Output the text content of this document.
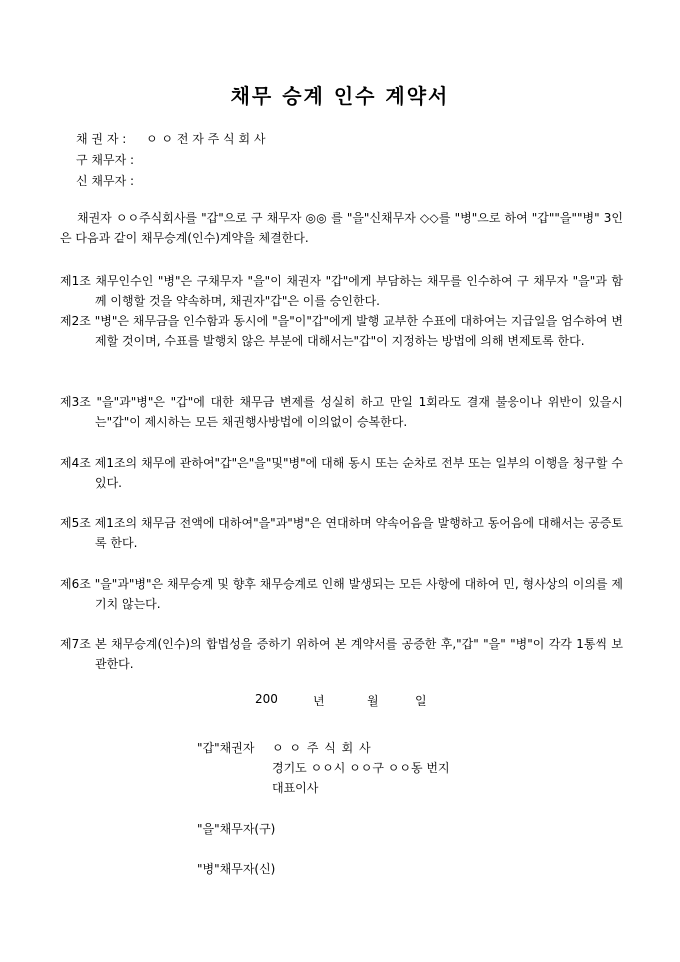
채무 승계 인수 계약서
채 권 자 : ㅇ ㅇ 전 자 주 식 회 사
구 채무자 :
신 채무자 :
채권자 ㅇㅇ주식회사를 "갑"으로 구 채무자 ◎◎ 를 "을"신채무자 ◇◇를 "병"으로 하여 "갑""을""병" 3인은 다음과 같이 채무승계(인수)계약을 체결한다.
제1조 채무인수인 "병"은 구채무자 "을"이 채권자 "갑"에게 부담하는 채무를 인수하여 구 채무자 "을"과 함께 이행할 것을 약속하며, 채권자"갑"은 이를 승인한다.
제2조 "병"은 채무금을 인수함과 동시에 "을"이"갑"에게 발행 교부한 수표에 대하여는 지급일을 엄수하여 변제할 것이며, 수표를 발행치 않은 부분에 대해서는"갑"이 지정하는 방법에 의해 변제토록 한다.
제3조 "을"과"병"은 "갑"에 대한 채무금 변제를 성실히 하고 만일 1회라도 결재 불응이나 위반이 있을시는"갑"이 제시하는 모든 채권행사방법에 이의없이 승복한다.
제4조 제1조의 채무에 관하여"갑"은"을"및"병"에 대해 동시 또는 순차로 전부 또는 일부의 이행을 청구할 수 있다.
제5조 제1조의 채무금 전액에 대하여"을"과"병"은 연대하며 약속어음을 발행하고 동어음에 대해서는 공증토록 한다.
제6조 "을"과"병"은 채무승계 및 향후 채무승계로 인해 발생되는 모든 사항에 대하여 민, 형사상의 이의를 제기치 않는다.
제7조 본 채무승계(인수)의 합법성을 증하기 위하여 본 계약서를 공증한 후,"갑" "을" "병"이 각각 1통씩 보관한다.
200	년	월	일
"갑"채권자 ㅇ ㅇ 주 식 회 사
경기도 ㅇㅇ시 ㅇㅇ구 ㅇㅇ동 번지
대표이사
"을"채무자(구)
"병"채무자(신)
